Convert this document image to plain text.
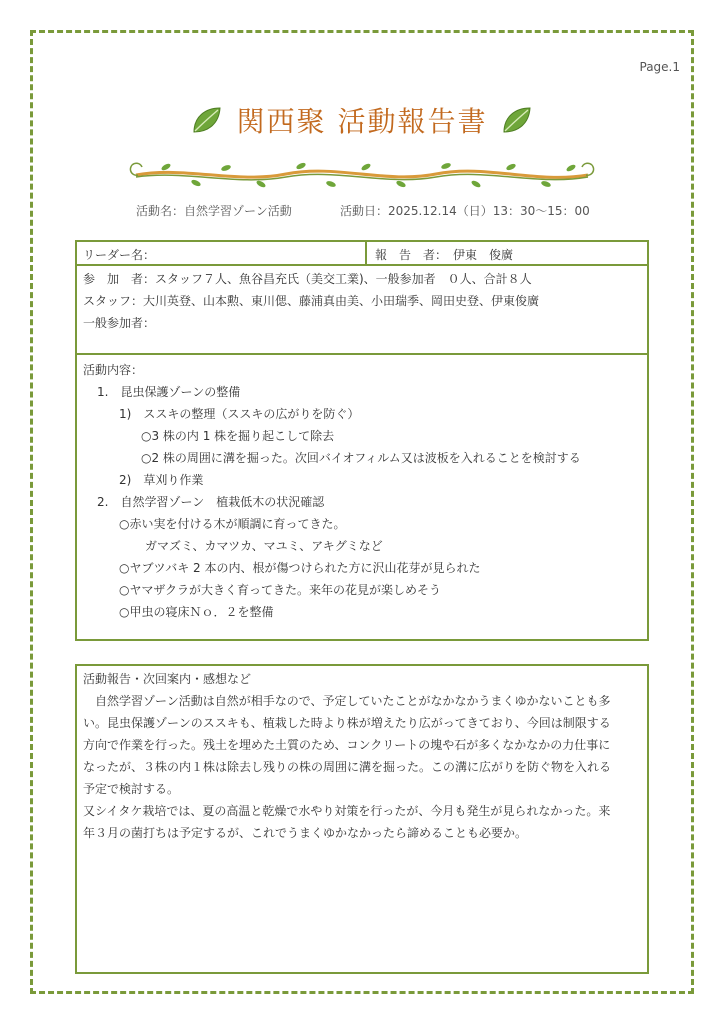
Page.1
関西聚 活動報告書
活動名：自然学習ゾーン活動	活動日：2025.12.14（日）13：30〜15：00
リーダー名：	報　告　者：　伊東　俊廣
参　加　者：スタッフ７人、魚谷昌充氏（美交工業)、一般参加者　０人、合計８人
スタッフ：大川英登、山本勲、東川偲、藤浦真由美、小田瑞季、岡田史登、伊東俊廣
一般参加者：
活動内容：
1.　昆虫保護ゾーンの整備
1)　ススキの整理（ススキの広がりを防ぐ）
○3 株の内 1 株を掘り起こして除去
○2 株の周囲に溝を掘った。次回バイオフィルム又は波板を入れることを検討する
2)　草刈り作業
2.　自然学習ゾーン　植栽低木の状況確認
○赤い実を付ける木が順調に育ってきた。
ガマズミ、カマツカ、マユミ、アキグミなど
○ヤブツバキ 2 本の内、根が傷つけられた方に沢山花芽が見られた
○ヤマザクラが大きく育ってきた。来年の花見が楽しめそう
○甲虫の寝床Ｎｏ．２を整備
活動報告・次回案内・感想など
　自然学習ゾーン活動は自然が相手なので、予定していたことがなかなかうまくゆかないことも多
い。昆虫保護ゾーンのススキも、植栽した時より株が増えたり広がってきており、今回は制限する
方向で作業を行った。残土を埋めた土質のため、コンクリートの塊や石が多くなかなかの力仕事に
なったが、３株の内１株は除去し残りの株の周囲に溝を掘った。この溝に広がりを防ぐ物を入れる
予定で検討する。
又シイタケ栽培では、夏の高温と乾燥で水やり対策を行ったが、今月も発生が見られなかった。来
年３月の菌打ちは予定するが、これでうまくゆかなかったら諦めることも必要か。
